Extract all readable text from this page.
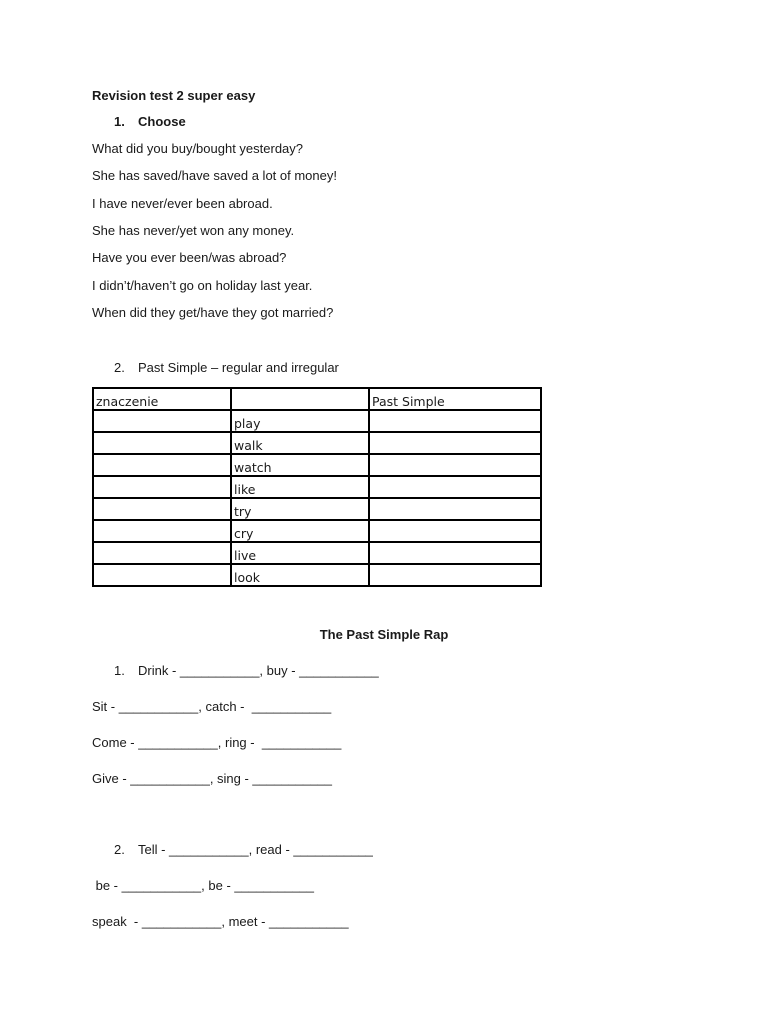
Revision test 2 super easy
1. Choose
What did you buy/bought yesterday?
She has saved/have saved a lot of money!
I have never/ever been abroad.
She has never/yet won any money.
Have you ever been/was abroad?
I didn’t/haven’t go on holiday last year.
When did they get/have they got married?
2. Past Simple – regular and irregular
znaczenie		Past Simple
	play	
	walk	
	watch	
	like	
	try	
	cry	
	live	
	look	
The Past Simple Rap
1. Drink - ___________, buy - ___________
Sit - ___________, catch -  ___________
Come - ___________, ring -  ___________
Give - ___________, sing - ___________
2. Tell - ___________, read - ___________
be - ___________, be - ___________
speak  - ___________, meet - ___________
